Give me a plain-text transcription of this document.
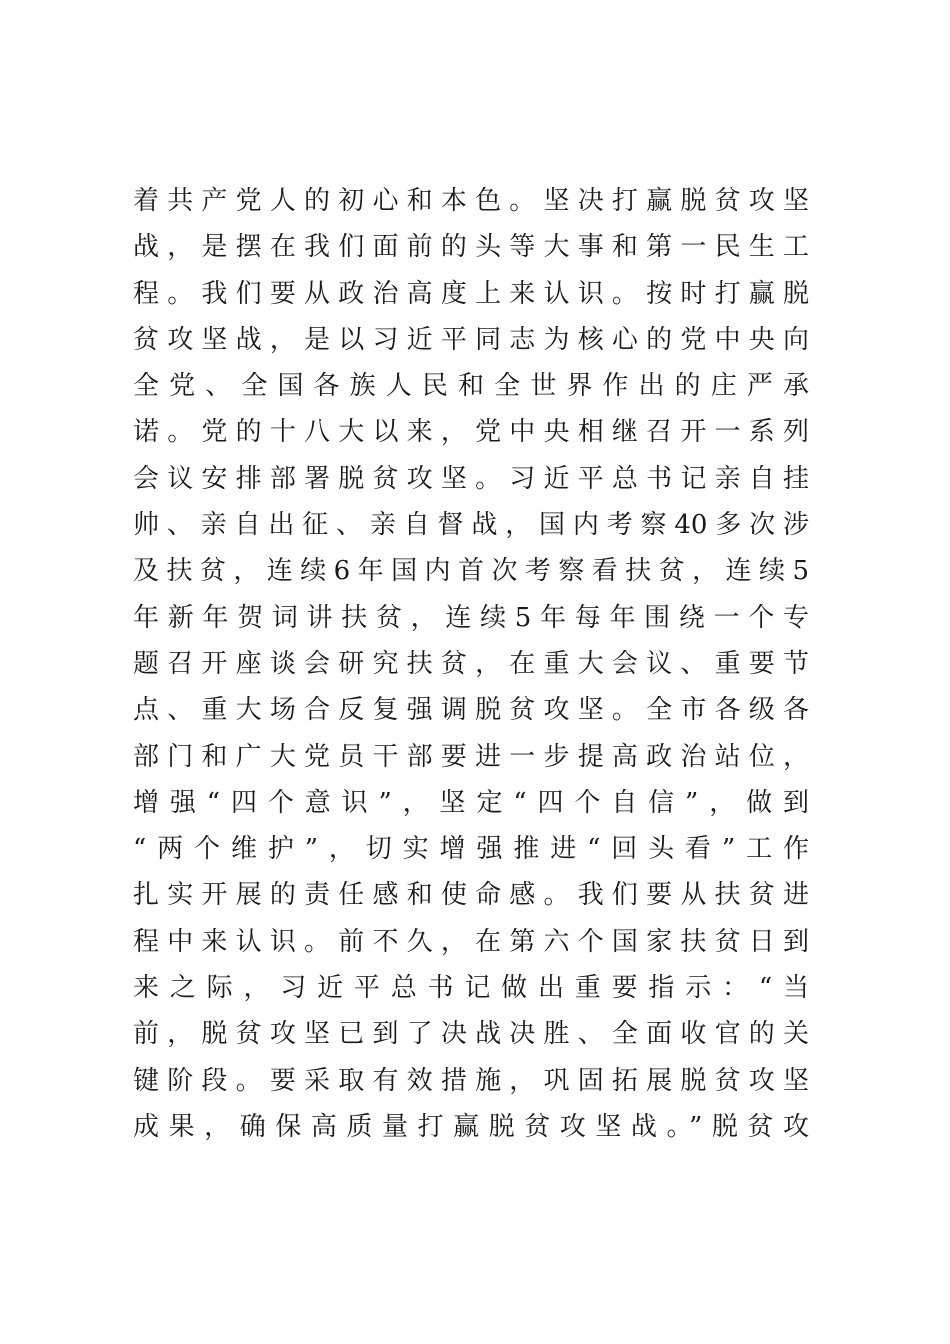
着共产党人的初心和本色。坚决打赢脱贫攻坚
战，是摆在我们面前的头等大事和第一民生工
程。我们要从政治高度上来认识。按时打赢脱
贫攻坚战，是以习近平同志为核心的党中央向
全党、全国各族人民和全世界作出的庄严承
诺。党的十八大以来，党中央相继召开一系列
会议安排部署脱贫攻坚。习近平总书记亲自挂
帅、亲自出征、亲自督战，国内考察40多次涉
及扶贫，连续6年国内首次考察看扶贫，连续5
年新年贺词讲扶贫，连续5年每年围绕一个专
题召开座谈会研究扶贫，在重大会议、重要节
点、重大场合反复强调脱贫攻坚。全市各级各
部门和广大党员干部要进一步提高政治站位，
增强“四个意识”，坚定“四个自信”，做到
“两个维护”，切实增强推进“回头看”工作
扎实开展的责任感和使命感。我们要从扶贫进
程中来认识。前不久，在第六个国家扶贫日到
来之际，习近平总书记做出重要指示：“当
前，脱贫攻坚已到了决战决胜、全面收官的关
键阶段。要采取有效措施，巩固拓展脱贫攻坚
成果，确保高质量打赢脱贫攻坚战。”脱贫攻
